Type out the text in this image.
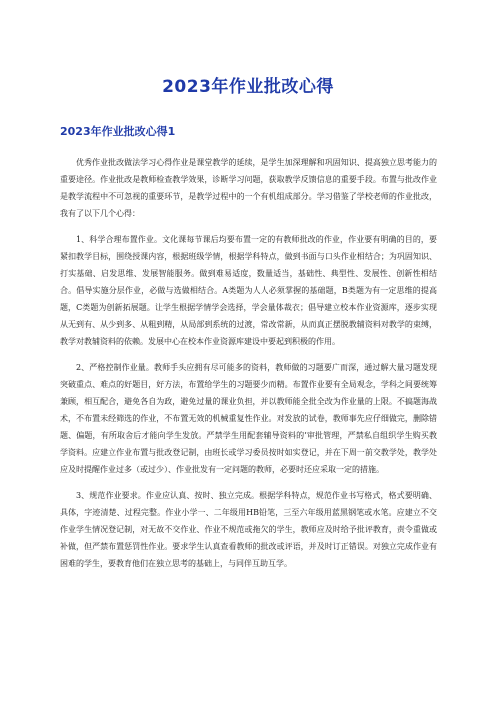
2023年作业批改心得
2023年作业批改心得1

优秀作业批改做法学习心得作业是课堂教学的延续，是学生加深理解和巩固知识、提高独立思考能力的重要途径。作业批改是教师检查教学效果，诊断学习问题，获取教学反馈信息的重要手段。布置与批改作业是教学流程中不可忽视的重要环节，是教学过程中的一个有机组成部分。学习借鉴了学校老师的作业批改，我有了以下几个心得：

1、科学合理布置作业。文化课每节课后均要布置一定的有教师批改的作业，作业要有明确的目的，要紧扣教学目标，围绕授课内容，根据班级学情，根据学科特点，做到书面与口头作业相结合；为巩固知识、打实基础、启发思维、发展智能服务。做到难易适度，数量适当，基础性、典型性、发展性、创新性相结合。倡导实施分层作业，必做与选做相结合。A类题为人人必须掌握的基础题，B类题为有一定思维的提高题，C类题为创新拓展题。让学生根据学情学会选择，学会量体裁衣；倡导建立校本作业资源库，逐步实现从无到有、从少到多、从粗到精，从局部到系统的过渡，常改常新，从而真正摆脱教辅资料对教学的束缚，教学对教辅资料的依赖。发展中心在校本作业资源库建设中要起到积极的作用。

2、严格控制作业量。教师手头应拥有尽可能多的资料，教师做的习题要广而深，通过解大量习题发现突破重点、难点的好题目，好方法，布置给学生的习题要少而精。布置作业要有全局观念，学科之间要统筹兼顾，相互配合，避免各自为政，避免过量的课业负担，并以教师能全批全改为作业量的上限。不搞题海战术，不布置未经筛选的作业，不布置无效的机械重复性作业。对发放的试卷，教师事先应仔细做完，删除错题、偏题，有所取舍后才能向学生发放。严禁学生用配套辅导资料的’审批管理，严禁私自组织学生购买教学资料。应建立作业布置与批改登记制，由班长或学习委员按时如实登记，并在下周一前交教学处，教学处应及时提醒作业过多（或过少）、作业批发有一定问题的教师，必要时还应采取一定的措施。

3、规范作业要求。作业应认真、按时、独立完成。根据学科特点，规范作业书写格式，格式要明确、具体，字迹清楚、过程完整。作业小学一、二年级用HB铅笔，三至六年级用蓝黑钢笔或水笔。应建立不交作业学生情况登记制，对无故不交作业、作业不规范或拖欠的学生，教师应及时给予批评教育，责令重做或补做，但严禁布置惩罚性作业。要求学生认真查看教师的批改或评语，并及时订正错误。对独立完成作业有困难的学生，要教育他们在独立思考的基础上，与同伴互助互学。
